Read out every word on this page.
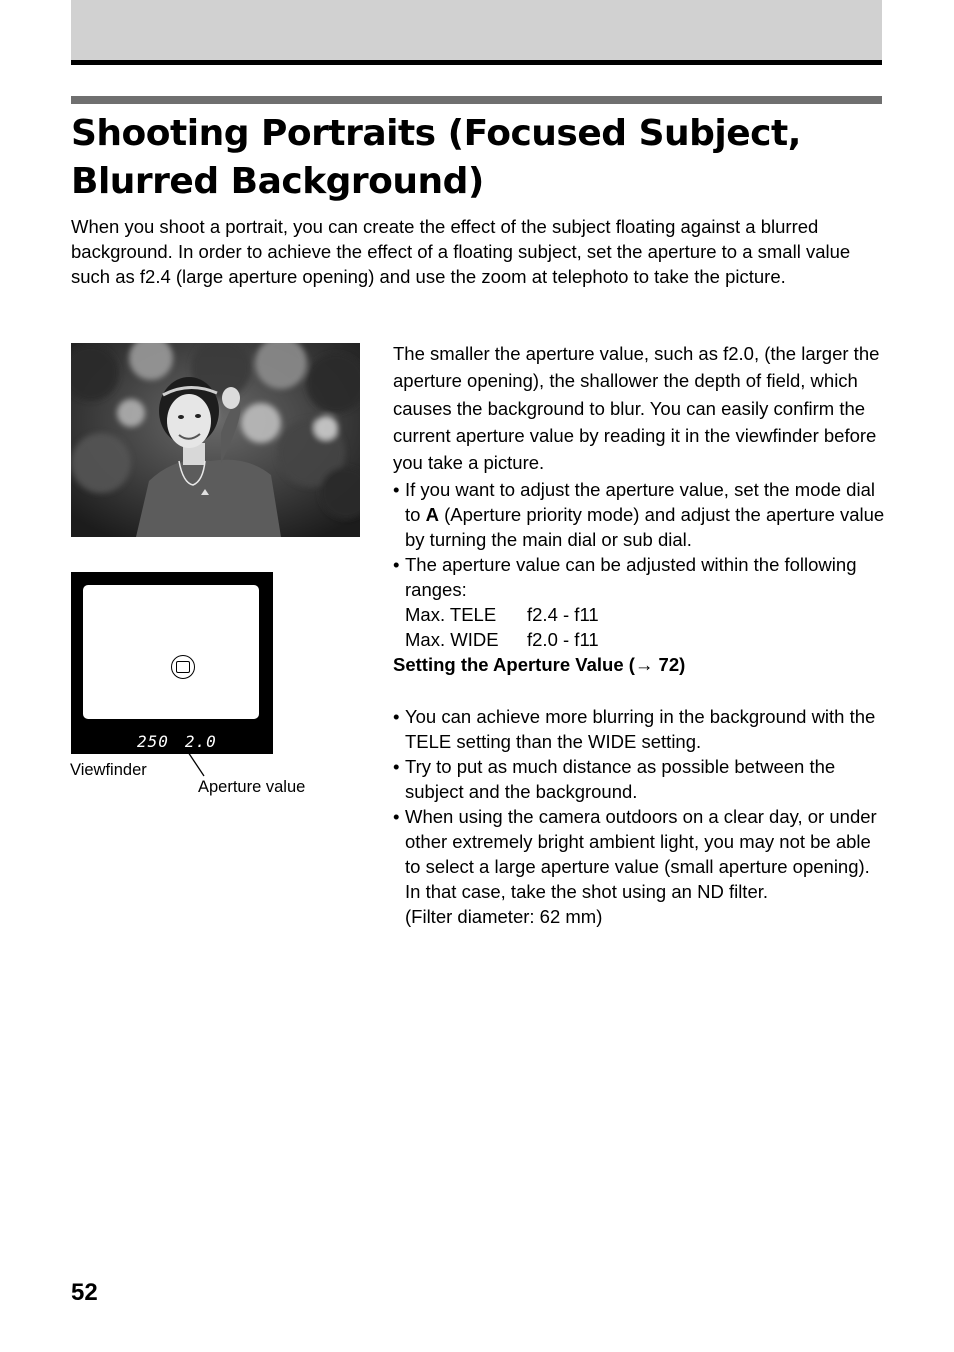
Shooting Portraits (Focused Subject,
Blurred Background)

When you shoot a portrait, you can create the effect of the subject floating against a blurred background. In order to achieve the effect of a floating subject, set the aperture to a small value such as f2.4 (large aperture opening) and use the zoom at telephoto to take the picture.

250 2.0

Viewfinder

Aperture value

The smaller the aperture value, such as f2.0, (the larger the aperture opening), the shallower the depth of field, which causes the background to blur. You can easily confirm the current aperture value by reading it in the viewfinder before you take a picture.

• If you want to adjust the aperture value, set the mode dial to A (Aperture priority mode) and adjust the aperture value by turning the main dial or sub dial.
• The aperture value can be adjusted within the following ranges:
Max. TELE	f2.4 - f11
Max. WIDE	f2.0 - f11
Setting the Aperture Value (→ 72)
• You can achieve more blurring in the background with the TELE setting than the WIDE setting.
• Try to put as much distance as possible between the subject and the background.
• When using the camera outdoors on a clear day, or under other extremely bright ambient light, you may not be able to select a large aperture value (small aperture opening). In that case, take the shot using an ND filter.
(Filter diameter: 62 mm)

52
